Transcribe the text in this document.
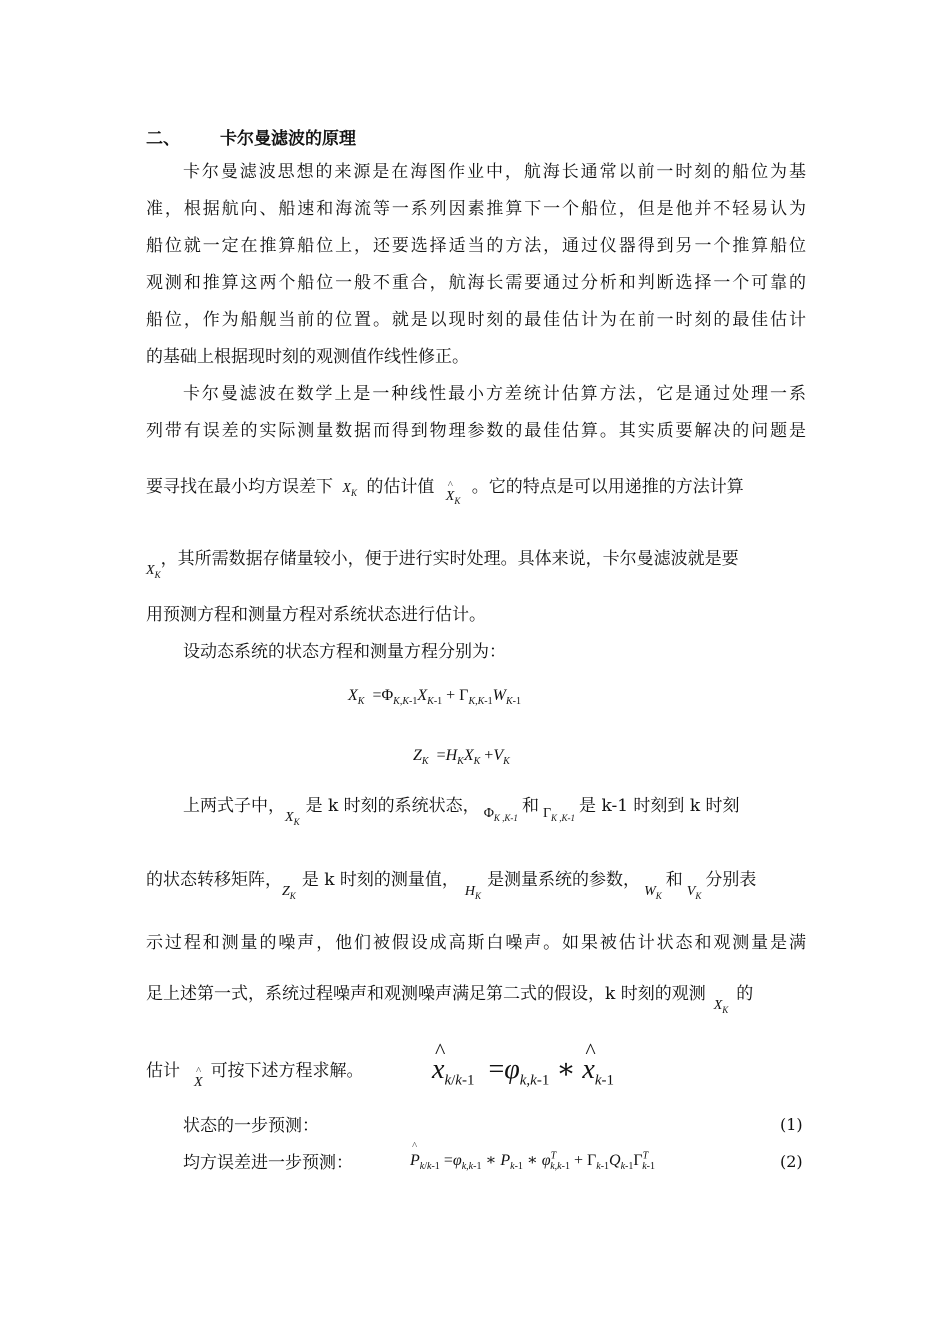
二、 卡尔曼滤波的原理
卡尔曼滤波思想的来源是在海图作业中，航海长通常以前一时刻的船位为基
准，根据航向、船速和海流等一系列因素推算下一个船位，但是他并不轻易认为
船位就一定在推算船位上，还要选择适当的方法，通过仪器得到另一个推算船位
观测和推算这两个船位一般不重合，航海长需要通过分析和判断选择一个可靠的
船位，作为船舰当前的位置。就是以现时刻的最佳估计为在前一时刻的最佳估计
的基础上根据现时刻的观测值作线性修正。
卡尔曼滤波在数学上是一种线性最小方差统计估算方法，它是通过处理一系
列带有误差的实际测量数据而得到物理参数的最佳估算。其实质要解决的问题是
要寻找在最小均方误差下 $X_K$ 的估计值 ^ $_{X_K}$ 。它的特点是可以用递推的方法计算
$_{X_K}$，其所需数据存储量较小，便于进行实时处理。具体来说，卡尔曼滤波就是要
用预测方程和测量方程对系统状态进行估计。
设动态系统的状态方程和测量方程分别为：
$X_K =\Phi_{K,K-1}X_{K-1} + \Gamma_{K,K-1}W_{K-1}$
$Z_K =H_KX_K +V_K$
上两式子中，$_{X_K}$是 k 时刻的系统状态， $_{\Phi_{K ,K-1}}$和 $_{\Gamma_{K ,K-1}}$是 k-1 时刻到 k 时刻
的状态转移矩阵，$_{Z_K}$是 k 时刻的测量值，$_{H_K}$是测量系统的参数，$_{W_K}$和$_{V_K}$分别表
示过程和测量的噪声，他们被假设成高斯白噪声。如果被估计状态和观测量是满
足上述第一式，系统过程噪声和观测噪声满足第二式的假设，k 时刻的观测$_{X_K}$的
估计^ $_X$可按下述方程求解。	^ $x_{k/k-1} =\varphi_{k,k-1}$ ∗ ^ $x_{k-1}$
状态的一步预测：	(1)
均方误差进一步预测：	^ $P_{k/k-1} =\varphi_{k,k-1}$ ∗ $P_{k-1}$ ∗ $\varphi^T_{k,k-1} + \Gamma_{k-1}Q_{k-1}\Gamma^T_{k-1}$	(2)
